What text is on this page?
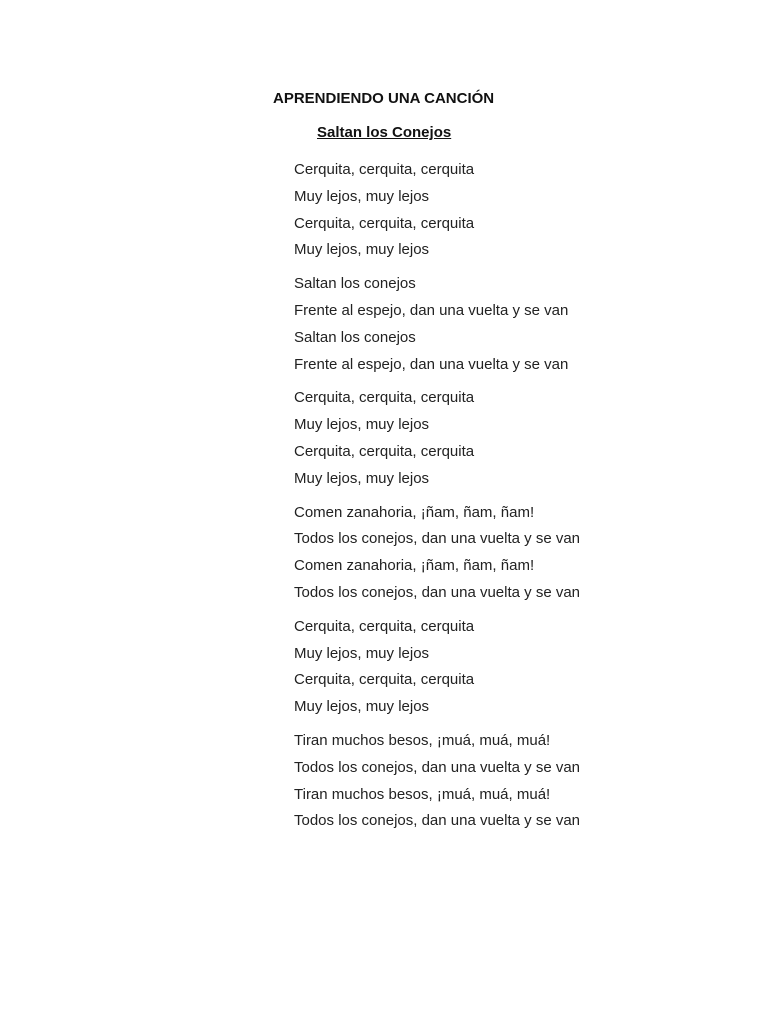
APRENDIENDO UNA CANCIÓN
Saltan los Conejos
Cerquita, cerquita, cerquita
Muy lejos, muy lejos
Cerquita, cerquita, cerquita
Muy lejos, muy lejos
Saltan los conejos
Frente al espejo, dan una vuelta y se van
Saltan los conejos
Frente al espejo, dan una vuelta y se van
Cerquita, cerquita, cerquita
Muy lejos, muy lejos
Cerquita, cerquita, cerquita
Muy lejos, muy lejos
Comen zanahoria, ¡ñam, ñam, ñam!
Todos los conejos, dan una vuelta y se van
Comen zanahoria, ¡ñam, ñam, ñam!
Todos los conejos, dan una vuelta y se van
Cerquita, cerquita, cerquita
Muy lejos, muy lejos
Cerquita, cerquita, cerquita
Muy lejos, muy lejos
Tiran muchos besos, ¡muá, muá, muá!
Todos los conejos, dan una vuelta y se van
Tiran muchos besos, ¡muá, muá, muá!
Todos los conejos, dan una vuelta y se van
